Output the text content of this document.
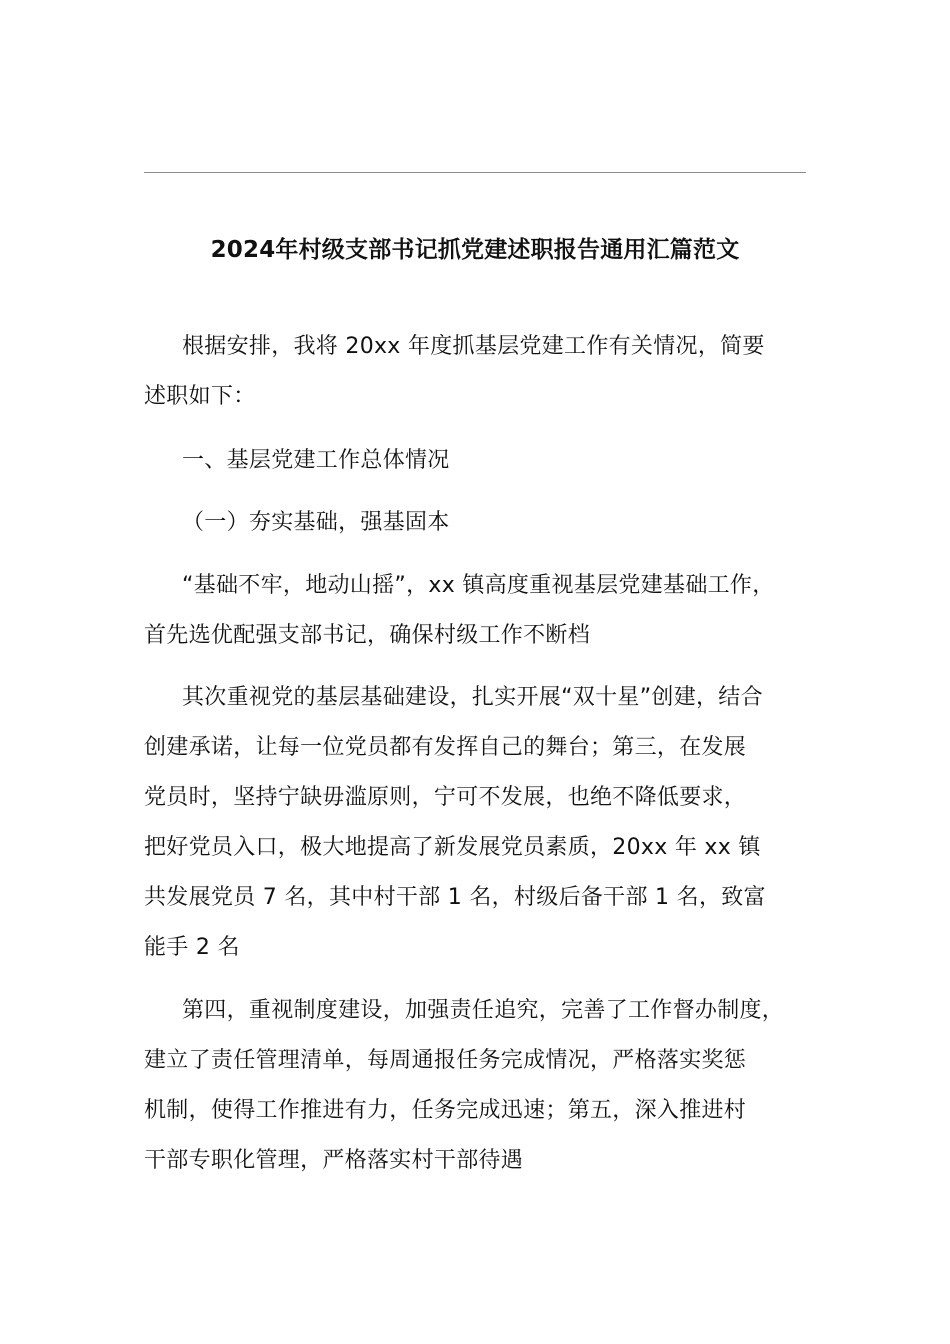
2024年村级支部书记抓党建述职报告通用汇篇范文
根据安排，我将 20xx 年度抓基层党建工作有关情况，简要
述职如下：
一、基层党建工作总体情况
（一）夯实基础，强基固本
“基础不牢，地动山摇”，xx 镇高度重视基层党建基础工作，
首先选优配强支部书记，确保村级工作不断档
其次重视党的基层基础建设，扎实开展“双十星”创建，结合
创建承诺，让每一位党员都有发挥自己的舞台；第三，在发展
党员时，坚持宁缺毋滥原则，宁可不发展，也绝不降低要求，
把好党员入口，极大地提高了新发展党员素质，20xx 年 xx 镇
共发展党员 7 名，其中村干部 1 名，村级后备干部 1 名，致富
能手 2 名
第四，重视制度建设，加强责任追究，完善了工作督办制度，
建立了责任管理清单，每周通报任务完成情况，严格落实奖惩
机制，使得工作推进有力，任务完成迅速；第五，深入推进村
干部专职化管理，严格落实村干部待遇
